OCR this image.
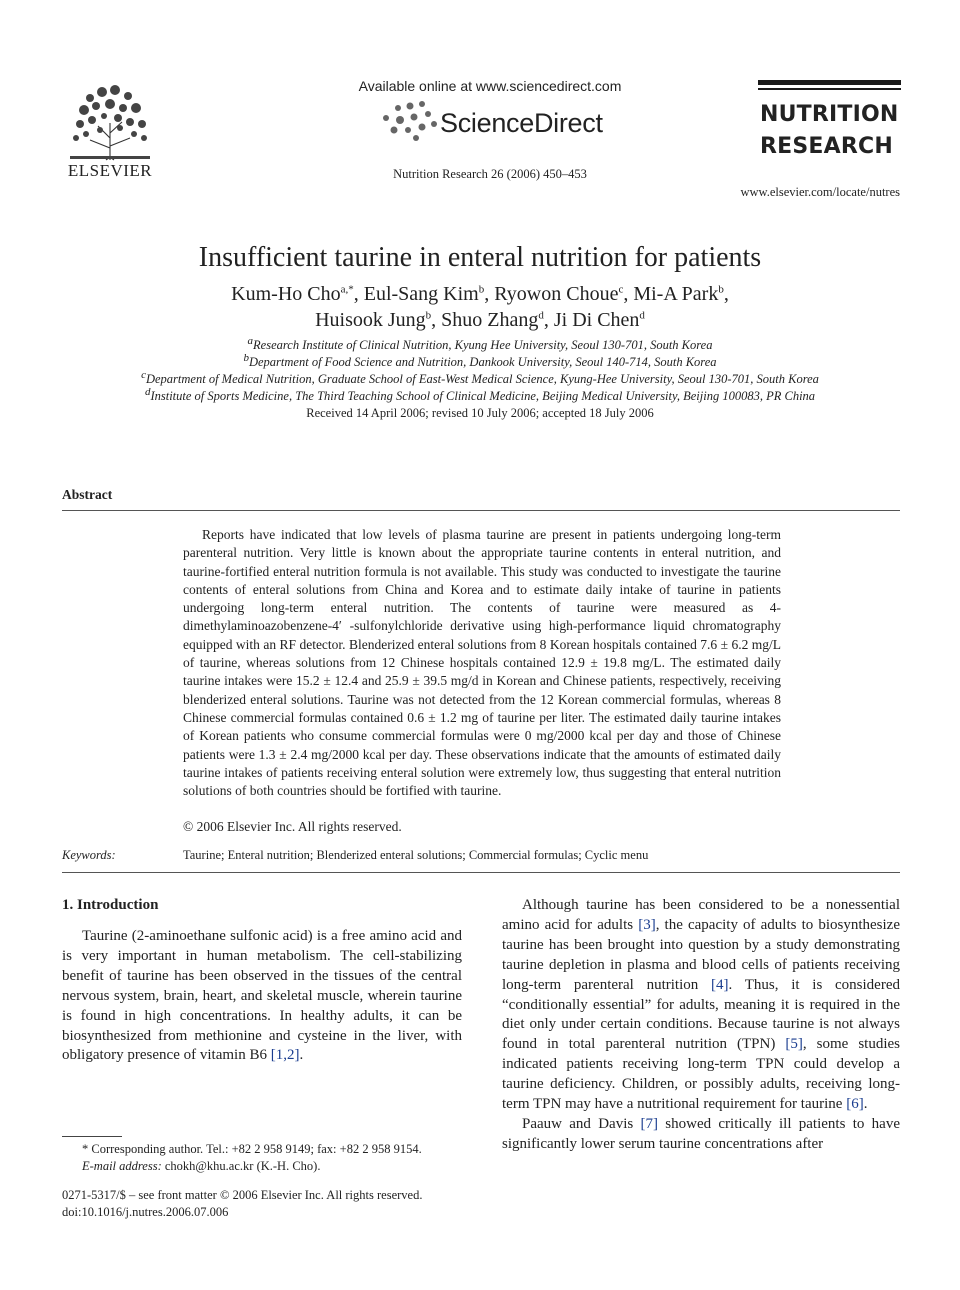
ELSEVIER
Available online at www.sciencedirect.com
ScienceDirect
Nutrition Research 26 (2006) 450–453
NUTRITION
RESEARCH
www.elsevier.com/locate/nutres
Insufficient taurine in enteral nutrition for patients
Kum-Ho Cho$^{a,*}$, Eul-Sang Kim$^b$, Ryowon Choue$^c$, Mi-A Park$^b$,
Huisook Jung$^b$, Shuo Zhang$^d$, Ji Di Chen$^d$
$^a$Research Institute of Clinical Nutrition, Kyung Hee University, Seoul 130-701, South Korea
$^b$Department of Food Science and Nutrition, Dankook University, Seoul 140-714, South Korea
$^c$Department of Medical Nutrition, Graduate School of East-West Medical Science, Kyung-Hee University, Seoul 130-701, South Korea
$^d$Institute of Sports Medicine, The Third Teaching School of Clinical Medicine, Beijing Medical University, Beijing 100083, PR China
Received 14 April 2006; revised 10 July 2006; accepted 18 July 2006
Abstract
Reports have indicated that low levels of plasma taurine are present in patients undergoing long-term parenteral nutrition. Very little is known about the appropriate taurine contents in enteral nutrition, and taurine-fortified enteral nutrition formula is not available. This study was conducted to investigate the taurine contents of enteral solutions from China and Korea and to estimate daily intake of taurine in patients undergoing long-term enteral nutrition. The contents of taurine were measured as 4-dimethylaminoazobenzene-4′ -sulfonylchloride derivative using high-performance liquid chromatography equipped with an RF detector. Blenderized enteral solutions from 8 Korean hospitals contained 7.6 ± 6.2 mg/L of taurine, whereas solutions from 12 Chinese hospitals contained 12.9 ± 19.8 mg/L. The estimated daily taurine intakes were 15.2 ± 12.4 and 25.9 ± 39.5 mg/d in Korean and Chinese patients, respectively, receiving blenderized enteral solutions. Taurine was not detected from the 12 Korean commercial formulas, whereas 8 Chinese commercial formulas contained 0.6 ± 1.2 mg of taurine per liter. The estimated daily taurine intakes of Korean patients who consume commercial formulas were 0 mg/2000 kcal per day and those of Chinese patients were 1.3 ± 2.4 mg/2000 kcal per day. These observations indicate that the amounts of estimated daily taurine intakes of patients receiving enteral solution were extremely low, thus suggesting that enteral nutrition solutions of both countries should be fortified with taurine.
© 2006 Elsevier Inc. All rights reserved.
Keywords:	Taurine; Enteral nutrition; Blenderized enteral solutions; Commercial formulas; Cyclic menu
1. Introduction

Taurine (2-aminoethane sulfonic acid) is a free amino acid and is very important in human metabolism. The cell-stabilizing benefit of taurine has been observed in the tissues of the central nervous system, brain, heart, and skeletal muscle, wherein taurine is found in high concentrations. In healthy adults, it can be biosynthesized from methionine and cysteine in the liver, with obligatory presence of vitamin B6 [1,2].

Although taurine has been considered to be a nonessential amino acid for adults [3], the capacity of adults to biosynthesize taurine has been brought into question by a study demonstrating taurine depletion in plasma and blood cells of patients receiving long-term parenteral nutrition [4]. Thus, it is considered “conditionally essential” for adults, meaning it is required in the diet only under certain conditions. Because taurine is not always found in total parenteral nutrition (TPN) [5], some studies indicated patients receiving long-term TPN could develop a taurine deficiency. Children, or possibly adults, receiving long-term TPN may have a nutritional requirement for taurine [6].

Paauw and Davis [7] showed critically ill patients to have significantly lower serum taurine concentrations after

* Corresponding author. Tel.: +82 2 958 9149; fax: +82 2 958 9154.
E-mail address: chokh@khu.ac.kr (K.-H. Cho).
0271-5317/$ – see front matter © 2006 Elsevier Inc. All rights reserved.
doi:10.1016/j.nutres.2006.07.006
